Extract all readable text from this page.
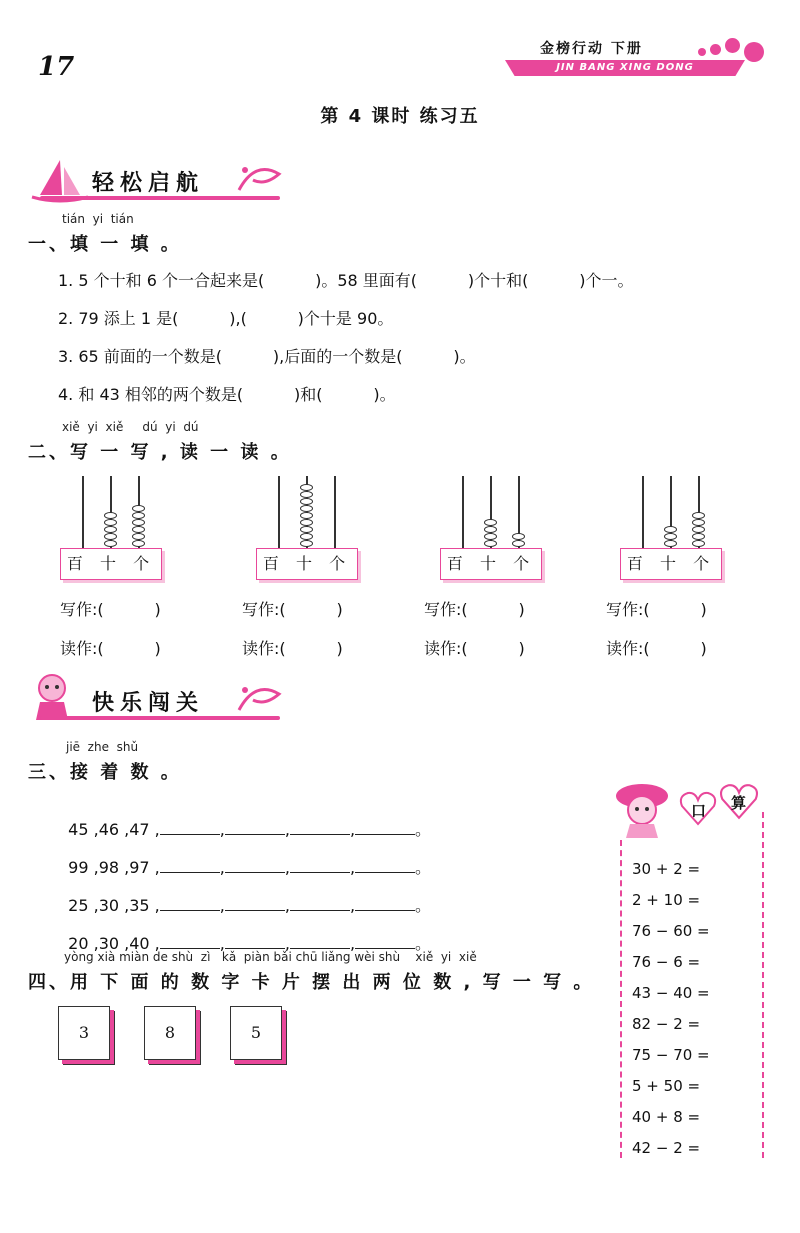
17
金榜行动 下册
JIN BANG XING DONG
第 4 课时 练习五
轻松启航
tián  yi  tián
一、填 一 填 。
1. 5 个十和 6 个一合起来是(          )。58 里面有(          )个十和(          )个一。
2. 79 添上 1 是(          ),(          )个十是 90。
3. 65 前面的一个数是(          ),后面的一个数是(          )。
4. 和 43 相邻的两个数是(          )和(          )。
xiě  yi  xiě     dú  yi  dú
二、写 一 写 , 读 一 读 。
百 十 个	百 十 个	百 十 个	百 十 个
写作:(          )	写作:(          )	写作:(          )	写作:(          )
读作:(          )	读作:(          )	读作:(          )	读作:(          )
快乐闯关
jiē  zhe  shǔ
三、接 着 数 。

45 ,46 ,47 ,	,	,	,	。

99 ,98 ,97 ,	,	,	,	。

25 ,30 ,35 ,	,	,	,	。

20 ,30 ,40 ,	,	,	,	。

yòng xià miàn de shù  zì   kǎ  piàn bǎi chū liǎng wèi shù    xiě  yi  xiě
四、用 下 面 的 数 字 卡 片 摆 出 两 位 数 , 写 一 写 。
3	8	5
口 算
30 + 2 =
2 + 10 =
76 − 60 =
76 − 6 =
43 − 40 =
82 − 2 =
75 − 70 =
5 + 50 =
40 + 8 =
42 − 2 =
